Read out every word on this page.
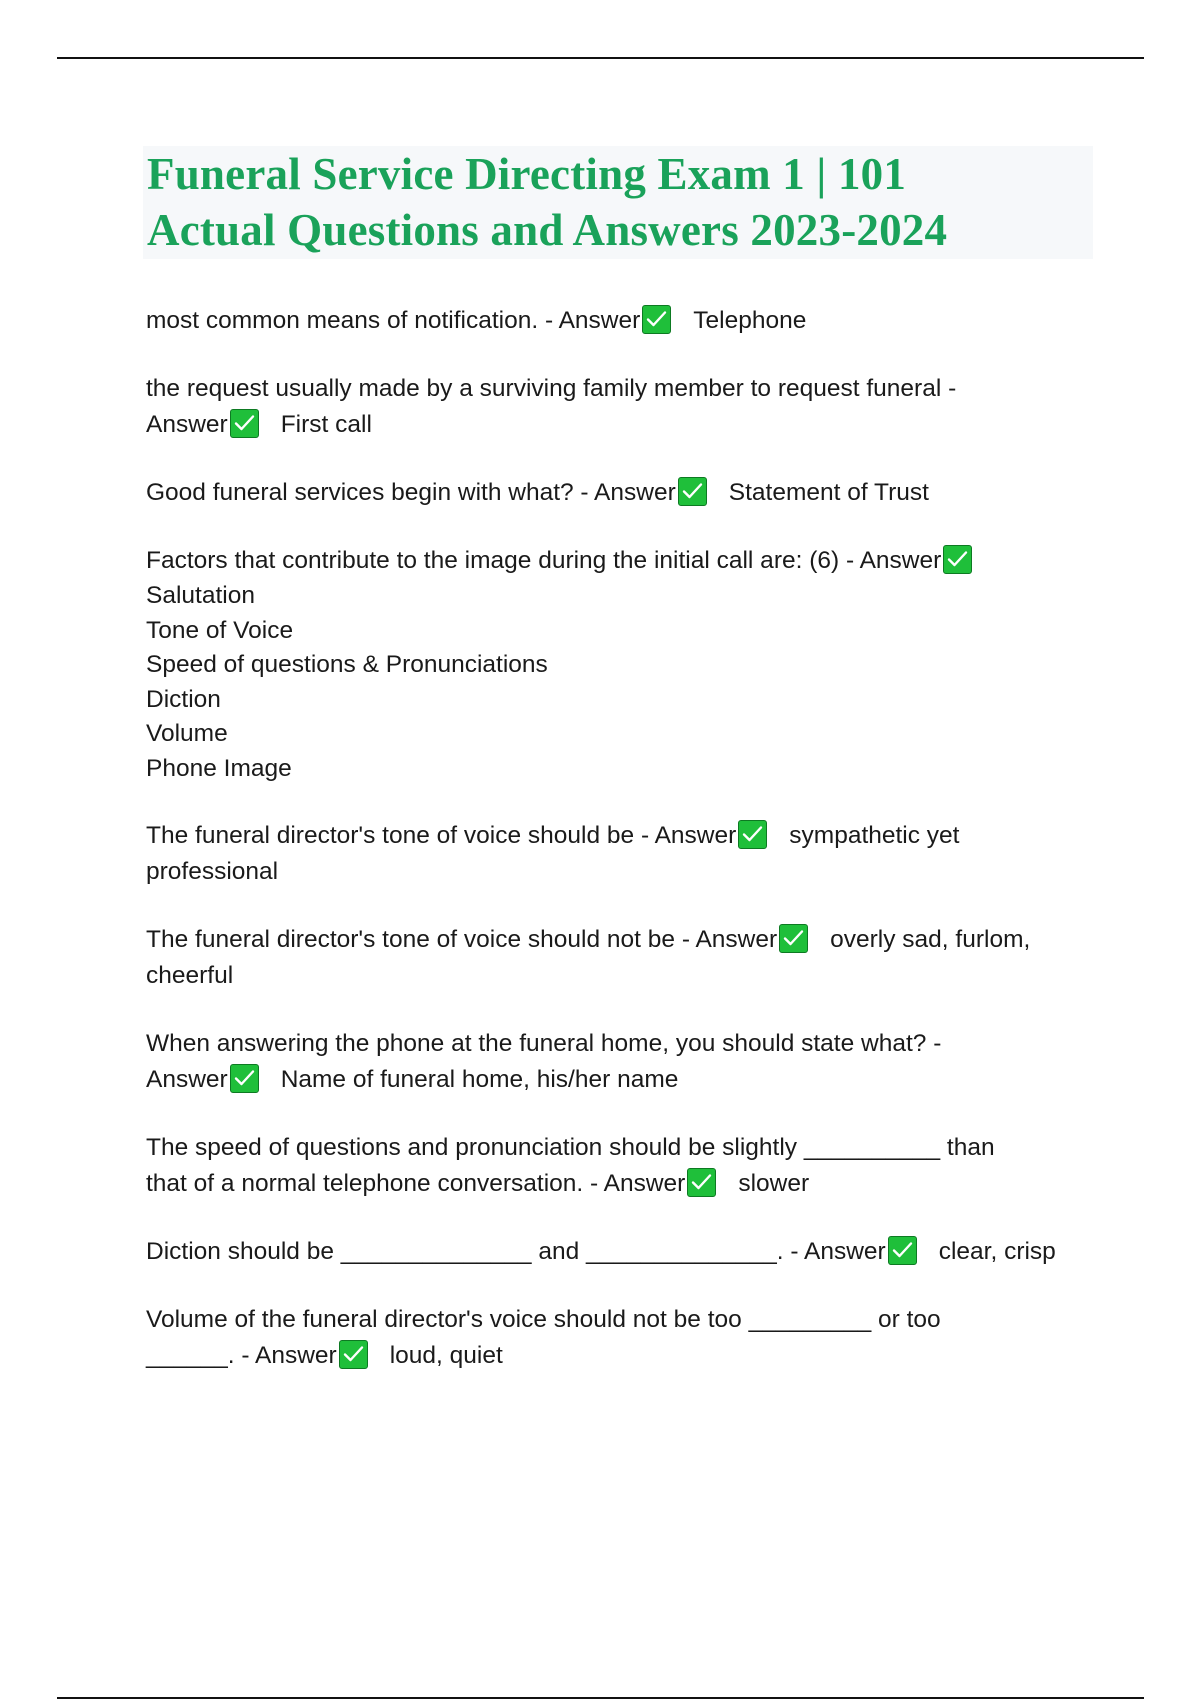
Funeral Service Directing Exam 1 | 101
Actual Questions and Answers 2023-2024
most common means of notification. - Answer Telephone
the request usually made by a surviving family member to request funeral -
Answer First call
Good funeral services begin with what? - Answer Statement of Trust
Factors that contribute to the image during the initial call are: (6) - Answer
Salutation
Tone of Voice
Speed of questions & Pronunciations
Diction
Volume
Phone Image
The funeral director's tone of voice should be - Answer sympathetic yet
professional
The funeral director's tone of voice should not be - Answer overly sad, furlom,
cheerful
When answering the phone at the funeral home, you should state what? -
Answer Name of funeral home, his/her name
The speed of questions and pronunciation should be slightly __________ than
that of a normal telephone conversation. - Answer slower
Diction should be ______________ and ______________. - Answer clear, crisp
Volume of the funeral director's voice should not be too _________ or too
______. - Answer loud, quiet
